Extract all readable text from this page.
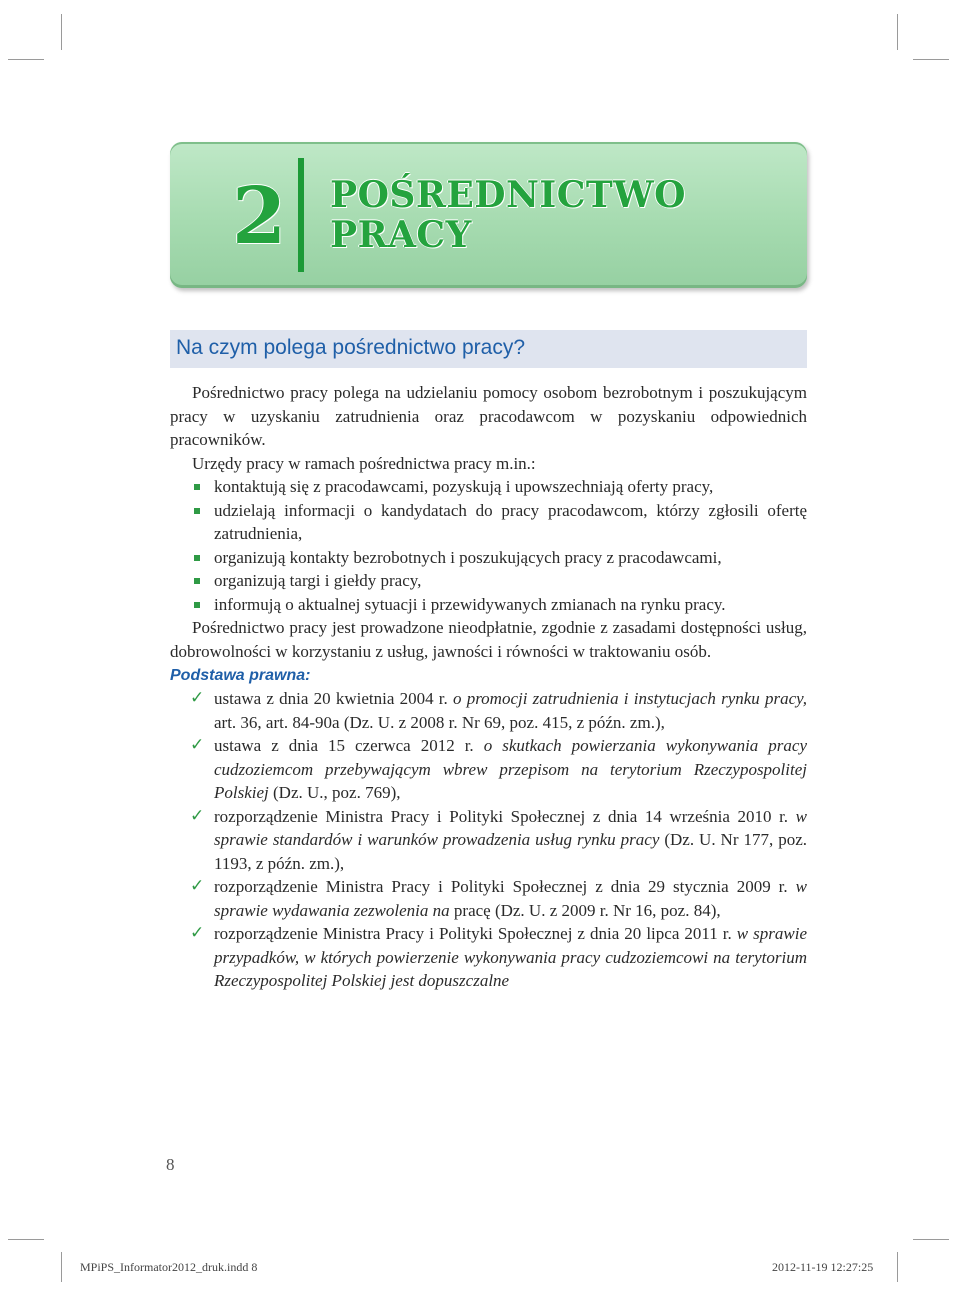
2 POŚREDNICTWO
PRACY
Na czym polega pośrednictwo pracy?

Pośrednictwo pracy polega na udzielaniu pomocy osobom bezrobotnym i poszukującym pracy w uzyskaniu zatrudnienia oraz pracodawcom w pozyskaniu odpowiednich pracowników.

Urzędy pracy w ramach pośrednictwa pracy m.in.:

kontaktują się z pracodawcami, pozyskują i upowszechniają oferty pracy,
udzielają informacji o kandydatach do pracy pracodawcom, którzy zgłosili ofertę zatrudnienia,
organizują kontakty bezrobotnych i poszukujących pracy z pracodawcami,
organizują targi i giełdy pracy,
informują o aktualnej sytuacji i przewidywanych zmianach na rynku pracy.

Pośrednictwo pracy jest prowadzone nieodpłatnie, zgodnie z zasadami dostępności usług, dobrowolności w korzystaniu z usług, jawności i równości w traktowaniu osób.

Podstawa prawna:
✓ ustawa z dnia 20 kwietnia 2004 r. o promocji zatrudnienia i instytucjach rynku pracy, art. 36, art. 84-90a (Dz. U. z 2008 r. Nr 69, poz. 415, z późn. zm.),
✓ ustawa z dnia 15 czerwca 2012 r. o skutkach powierzania wykonywania pracy cudzoziemcom przebywającym wbrew przepisom na terytorium Rzeczypospolitej Polskiej (Dz. U., poz. 769),
✓ rozporządzenie Ministra Pracy i Polityki Społecznej z dnia 14 września 2010 r. w sprawie standardów i warunków prowadzenia usług rynku pracy (Dz. U. Nr 177, poz. 1193, z późn. zm.),
✓ rozporządzenie Ministra Pracy i Polityki Społecznej z dnia 29 stycznia 2009 r. w sprawie wydawania zezwolenia na pracę (Dz. U. z 2009 r. Nr 16, poz. 84),
✓ rozporządzenie Ministra Pracy i Polityki Społecznej z dnia 20 lipca 2011 r. w sprawie przypadków, w których powierzenie wykonywania pracy cudzoziemcowi na terytorium Rzeczypospolitej Polskiej jest dopuszczalne
8
MPiPS_Informator2012_druk.indd 8	2012-11-19 12:27:25
